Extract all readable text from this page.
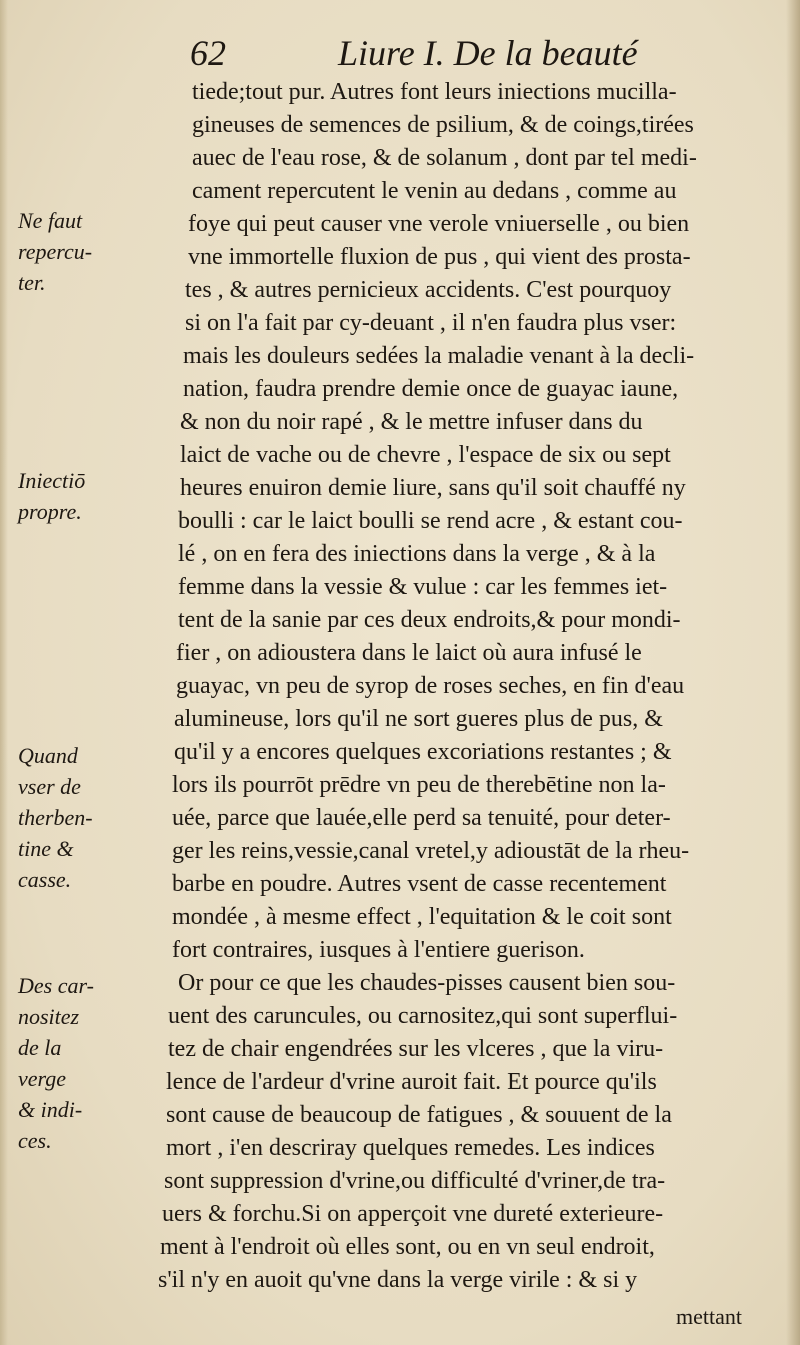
62	Liure I. De la beauté
tiede;tout pur. Autres font leurs iniections mucilla-
gineuses de semences de psilium, & de coings,tirées
auec de l'eau rose, & de solanum , dont par tel medi-
cament repercutent le venin au dedans , comme au
foye qui peut causer vne verole vniuerselle , ou bien
vne immortelle fluxion de pus , qui vient des prosta-
tes , & autres pernicieux accidents. C'est pourquoy
si on l'a fait par cy-deuant , il n'en faudra plus vser:
mais les douleurs sedées la maladie venant à la decli-
nation, faudra prendre demie once de guayac iaune,
& non du noir rapé , & le mettre infuser dans du
laict de vache ou de chevre , l'espace de six ou sept
heures enuiron demie liure, sans qu'il soit chauffé ny
boulli : car le laict boulli se rend acre , & estant cou-
lé , on en fera des iniections dans la verge , & à la
femme dans la vessie & vulue : car les femmes iet-
tent de la sanie par ces deux endroits,& pour mondi-
fier , on adioustera dans le laict où aura infusé le
guayac, vn peu de syrop de roses seches, en fin d'eau
alumineuse, lors qu'il ne sort gueres plus de pus, &
qu'il y a encores quelques excoriations restantes ; &
lors ils pourrōt prēdre vn peu de therebētine non la-
uée, parce que lauée,elle perd sa tenuité, pour deter-
ger les reins,vessie,canal vretel,y adioustāt de la rheu-
barbe en poudre. Autres vsent de casse recentement
mondée , à mesme effect , l'equitation & le coit sont
fort contraires, iusques à l'entiere guerison.
Or pour ce que les chaudes-pisses causent bien sou-
uent des caruncules, ou carnositez,qui sont superflui-
tez de chair engendrées sur les vlceres , que la viru-
lence de l'ardeur d'vrine auroit fait. Et pource qu'ils
sont cause de beaucoup de fatigues , & souuent de la
mort , i'en descriray quelques remedes. Les indices
sont suppression d'vrine,ou difficulté d'vriner,de tra-
uers & forchu.Si on apperçoit vne dureté exterieure-
ment à l'endroit où elles sont, ou en vn seul endroit,
s'il n'y en auoit qu'vne dans la verge virile : & si y
Ne faut
repercu-
ter.
Iniectiō
propre.
Quand
vser de
therben-
tine &
casse.
Des car-
nositez
de la
verge
& indi-
ces.
mettant
